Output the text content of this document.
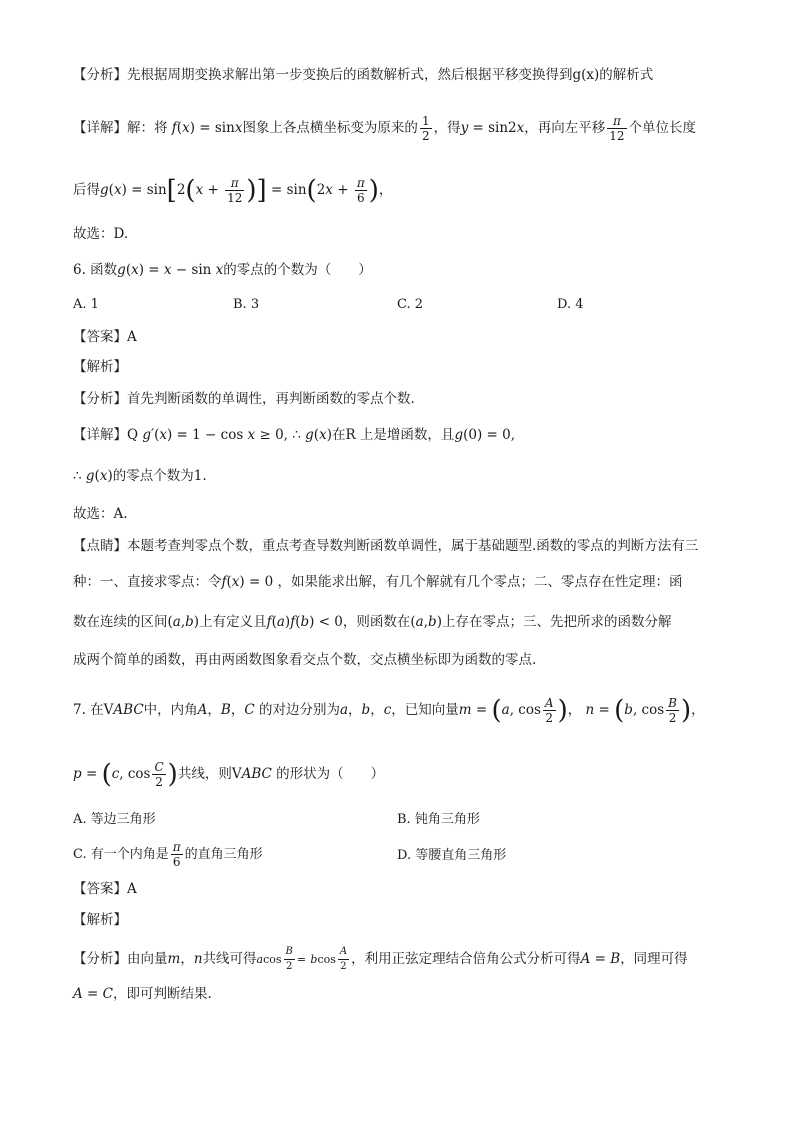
【分析】先根据周期变换求解出第一步变换后的函数解析式，然后根据平移变换得到g(x)的解析式
【详解】解：将 f(x) = sinx图象上各点横坐标变为原来的 $\frac{1}{2}$ ，得y = sin2x，再向左平移 $\frac{\pi}{12}$ 个单位长度
后得$g(x) = \sin[2(x + \frac{\pi}{12}$ )] = $\sin(2x + \frac{\pi}{6}$ )，
故选：D.
6. 函数g(x) = x − sin x的零点的个数为（　　）
A. 1	B. 3	C. 2	D. 4
【答案】A
【解析】
【分析】首先判断函数的单调性，再判断函数的零点个数.
【详解】Q g′(x) = 1 − cos x ≥ 0, ∴ g(x)在R 上是增函数，且g(0) = 0,
∴ g(x)的零点个数为1.
故选：A.
【点睛】本题考查判零点个数，重点考查导数判断函数单调性，属于基础题型.函数的零点的判断方法有三
种：一、直接求零点：令f(x) = 0 ，如果能求出解，有几个解就有几个零点；二、零点存在性定理：函
数在连续的区间(a,b)上有定义且f(a)f(b) < 0，则函数在(a,b)上存在零点；三、先把所求的函数分解
成两个简单的函数，再由两函数图象看交点个数，交点横坐标即为函数的零点.
7. 在VABC中，内角A，B，C 的对边分别为a，b，c，已知向量m = (a, $\cos \frac{A}{2}$ )， n = (b, $\cos \frac{B}{2}$ )，
p = (c, $\cos \frac{C}{2}$ )共线，则VABC 的形状为（　　）
A. 等边三角形	B. 钝角三角形
C. 有一个内角是 $\frac{\pi}{6}$ 的直角三角形	D. 等腰直角三角形
【答案】A
【解析】
【分析】由向量m，n共线可得acos $\frac{B}{2} = bcos \frac{A}{2}$ ，利用正弦定理结合倍角公式分析可得A = B，同理可得
A = C，即可判断结果.
